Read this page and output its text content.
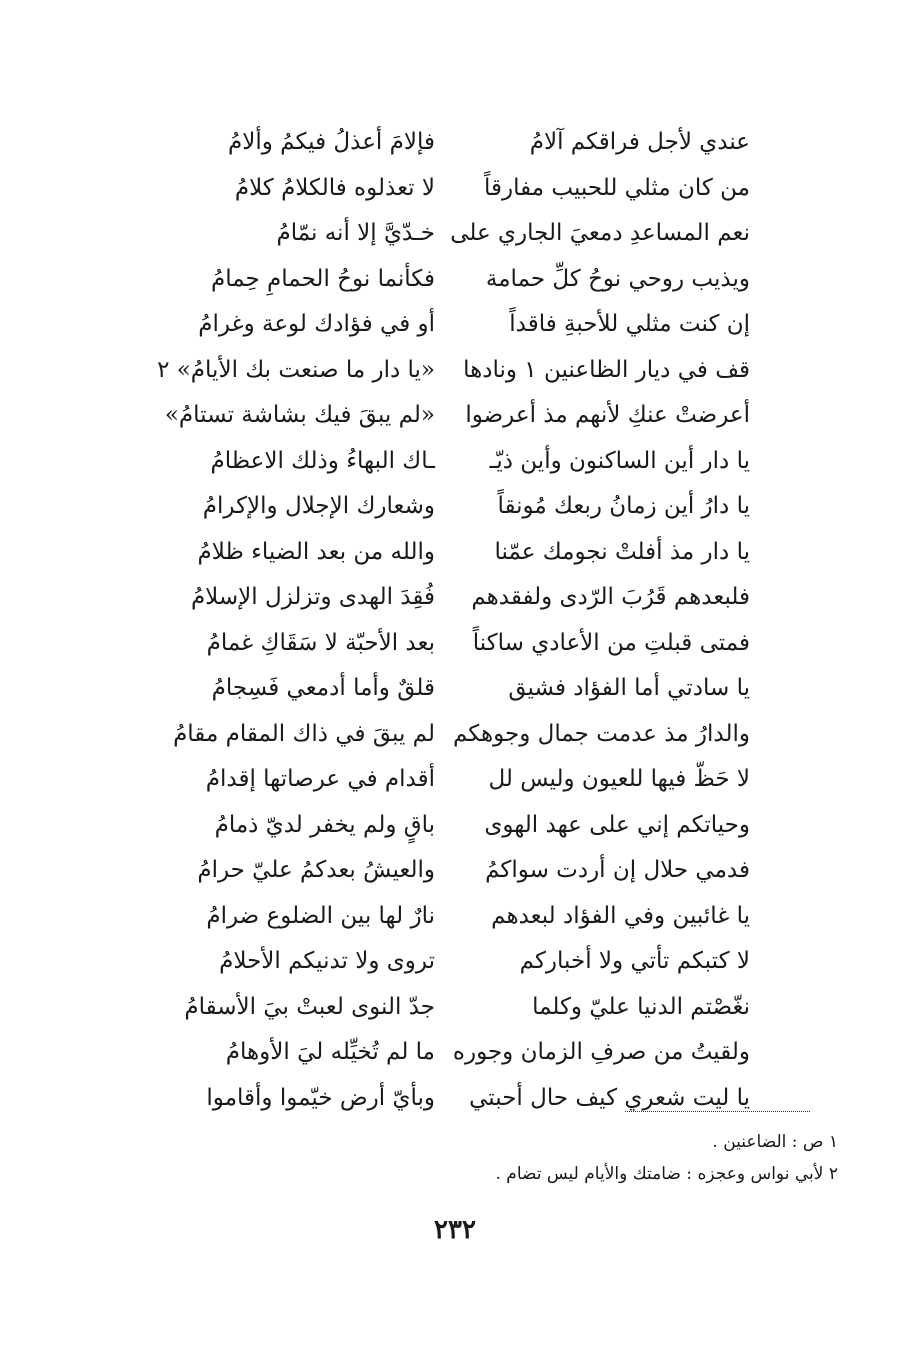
عندي لأجل فراقكم آلامُ
فإلامَ أعذلُ فيكمُ وألامُ
من كان مثلي للحبيب مفارقاً
لا تعذلوه فالكلامُ كلامُ
نعم المساعدِ دمعيَ الجاري على
خـدّيَّ إلا أنه نمّامُ
ويذيب روحي نوحُ كلِّ حمامة
فكأنما نوحُ الحمامِ حِمامُ
إن كنت مثلي للأحبةِ فاقداً
أو في فؤادك لوعة وغرامُ
قف في ديار الظاعنين ١ ونادها
«يا دار ما صنعت بك الأيامُ» ٢
أعرضتْ عنكِ لأنهم مذ أعرضوا
«لم يبقَ فيك بشاشة تستامُ»
يا دار أين الساكنون وأين ذيّـ
ـاك البهاءُ وذلك الاعظامُ
يا دارُ أين زمانُ ربعك مُونقاً
وشعارك الإجلال والإكرامُ
يا دار مذ أفلتْ نجومك عمّنا
والله من بعد الضياء ظلامُ
فلبعدهم قَرُبَ الرّدى ولفقدهم
فُقِدَ الهدى وتزلزل الإسلامُ
فمتى قبلتِ من الأعادي ساكناً
بعد الأحبّة لا سَقَاكِ غمامُ
يا سادتي أما الفؤاد فشيق
قلقٌ وأما أدمعي فَسِجامُ
والدارُ مذ عدمت جمال وجوهكم
لم يبقَ في ذاك المقام مقامُ
لا حَظّ فيها للعيون وليس لل
أقدام في عرصاتها إقدامُ
وحياتكم إني على عهد الهوى
باقٍ ولم يخفر لديّ ذمامُ
فدمي حلال إن أردت سواكمُ
والعيشُ بعدكمُ عليّ حرامُ
يا غائبين وفي الفؤاد لبعدهم
نارٌ لها بين الضلوع ضرامُ
لا كتبكم تأتي ولا أخباركم
تروى ولا تدنيكم الأحلامُ
نغّصْتم الدنيا عليّ وكلما
جدّ النوى لعبتْ بيَ الأسقامُ
ولقيتُ من صرفِ الزمان وجوره
ما لم تُخيِّله ليَ الأوهامُ
يا ليت شعري كيف حال أحبتي
وبأيّ أرض خيّموا وأقاموا
١ ص : الضاعنين .
٢ لأبي نواس وعجزه : ضامتك والأيام ليس تضام .
٢٣٢
